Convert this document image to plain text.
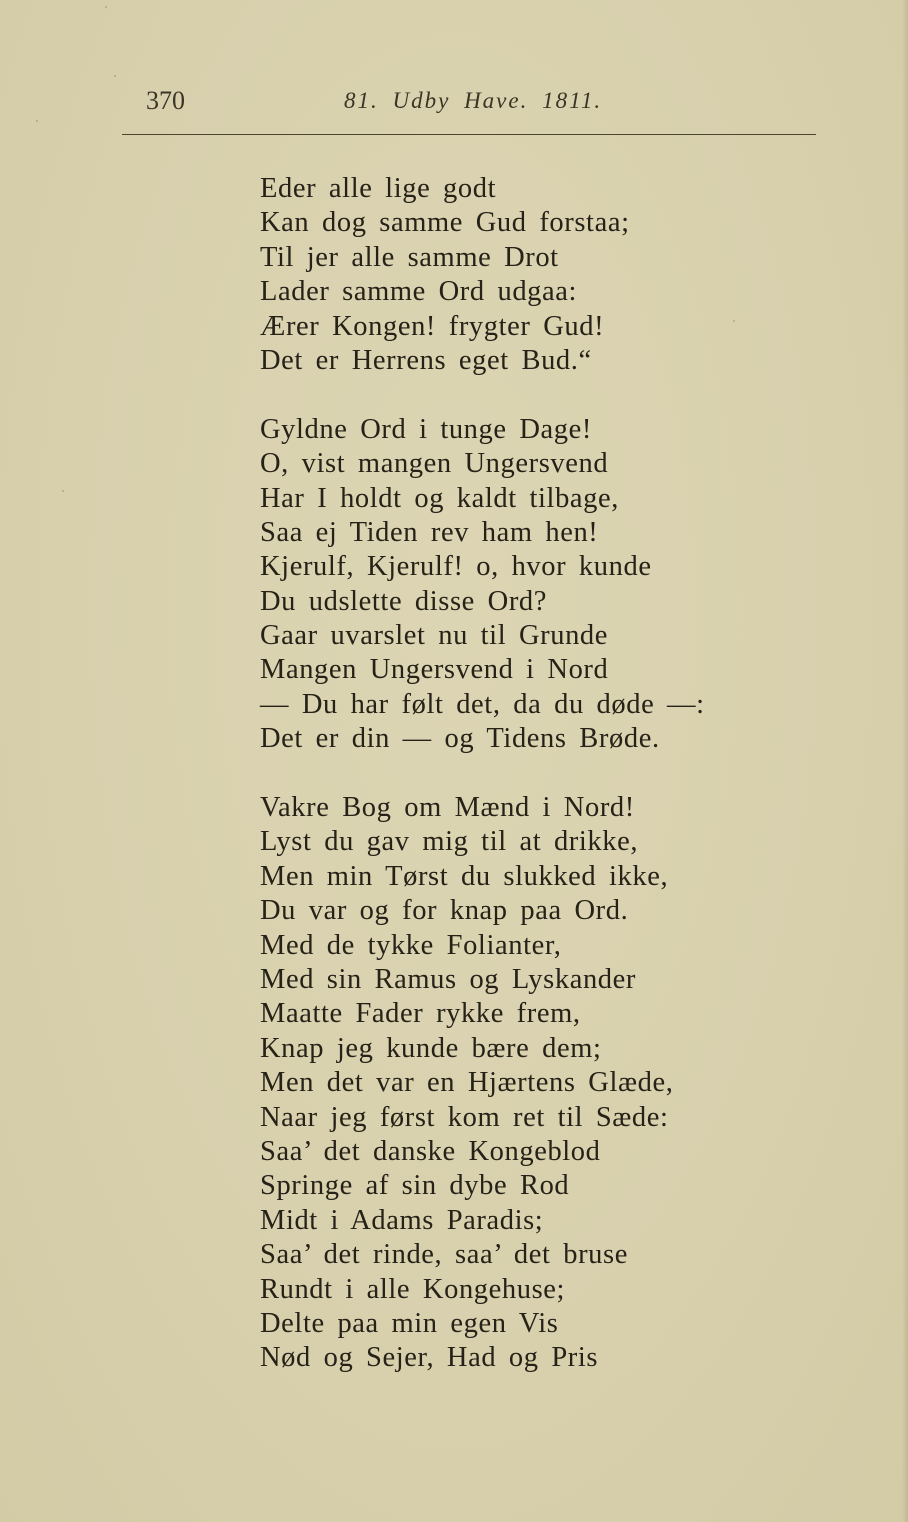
370	81. Udby Have. 1811.
Eder alle lige godt
Kan dog samme Gud forstaa;
Til jer alle samme Drot
Lader samme Ord udgaa:
Ærer Kongen! frygter Gud!
Det er Herrens eget Bud.“
Gyldne Ord i tunge Dage!
O, vist mangen Ungersvend
Har I holdt og kaldt tilbage,
Saa ej Tiden rev ham hen!
Kjerulf, Kjerulf! o, hvor kunde
Du udslette disse Ord?
Gaar uvarslet nu til Grunde
Mangen Ungersvend i Nord
— Du har følt det, da du døde —:
Det er din — og Tidens Brøde.
Vakre Bog om Mænd i Nord!
Lyst du gav mig til at drikke,
Men min Tørst du slukked ikke,
Du var og for knap paa Ord.
Med de tykke Folianter,
Med sin Ramus og Lyskander
Maatte Fader rykke frem,
Knap jeg kunde bære dem;
Men det var en Hjærtens Glæde,
Naar jeg først kom ret til Sæde:
Saa’ det danske Kongeblod
Springe af sin dybe Rod
Midt i Adams Paradis;
Saa’ det rinde, saa’ det bruse
Rundt i alle Kongehuse;
Delte paa min egen Vis
Nød og Sejer, Had og Pris
